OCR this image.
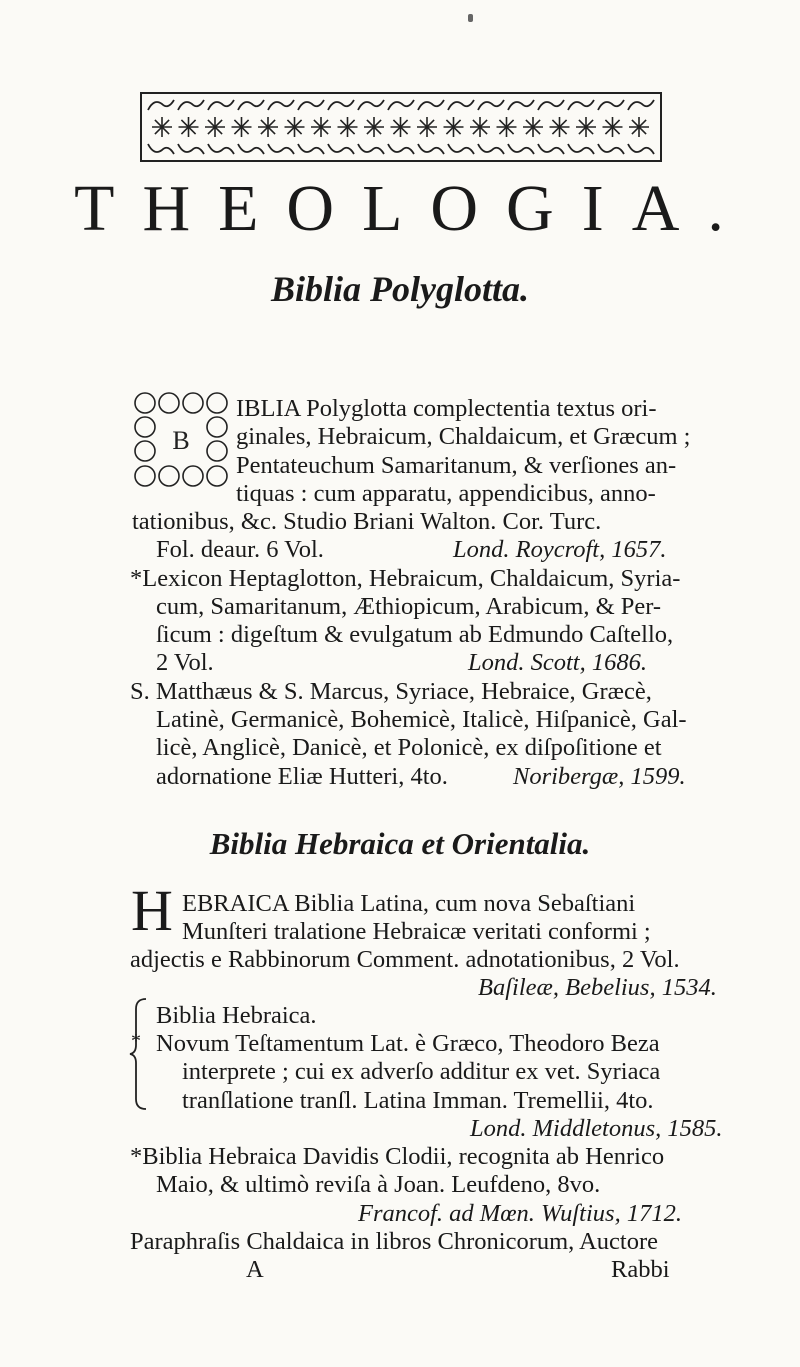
THEOLOGIA.
Biblia Polyglotta.
B
IBLIA Polyglotta complectentia textus ori-
ginales, Hebraicum, Chaldaicum, et Græcum ;
Pentateuchum Samaritanum, & verſiones an-
tiquas : cum apparatu, appendicibus, anno-
tationibus, &c. Studio Briani Walton. Cor. Turc.
Fol. deaur. 6 Vol.	Lond. Roycroft, 1657.
*Lexicon Heptaglotton, Hebraicum, Chaldaicum, Syria-
cum, Samaritanum, Æthiopicum, Arabicum, & Per-
ſicum : digeſtum & evulgatum ab Edmundo Caſtello,
2 Vol.	Lond. Scott, 1686.
S. Matthæus & S. Marcus, Syriace, Hebraice, Græcè,
Latinè, Germanicè, Bohemicè, Italicè, Hiſpanicè, Gal-
licè, Anglicè, Danicè, et Polonicè, ex diſpoſitione et
adornatione Eliæ Hutteri, 4to.	Noribergæ, 1599.
Biblia Hebraica et Orientalia.
H EBRAICA Biblia Latina, cum nova Sebaſtiani
Munſteri tralatione Hebraicæ veritati conformi ;
adjectis e Rabbinorum Comment. adnotationibus, 2 Vol.
Baſileæ, Bebelius, 1534.
Biblia Hebraica.
* Novum Teſtamentum Lat. è Græco, Theodoro Beza
interprete ; cui ex adverſo additur ex vet. Syriaca
tranſlatione tranſl. Latina Imman. Tremellii, 4to.
Lond. Middletonus, 1585.
*Biblia Hebraica Davidis Clodii, recognita ab Henrico
Maio, & ultimò reviſa à Joan. Leufdeno, 8vo.
Francof. ad Mœn. Wuſtius, 1712.
Paraphraſis Chaldaica in libros Chronicorum, Auctore
A	Rabbi
